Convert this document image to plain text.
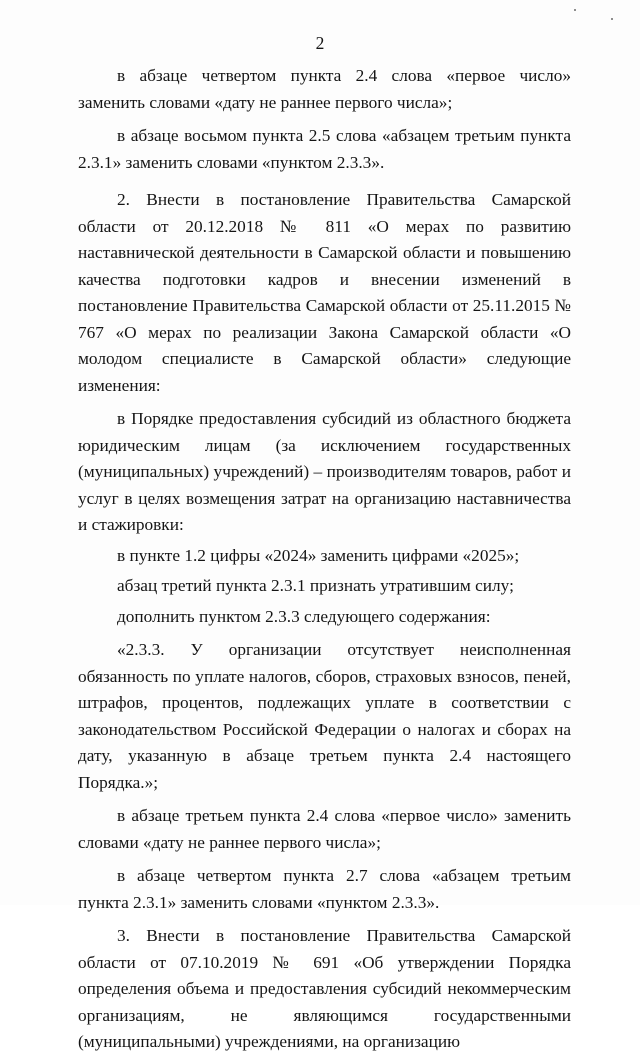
2

в абзаце четвертом пункта 2.4 слова «первое число» заменить словами «дату не раннее первого числа»;

в абзаце восьмом пункта 2.5 слова «абзацем третьим пункта 2.3.1» заменить словами «пунктом 2.3.3».

2. Внести в постановление Правительства Самарской области от 20.12.2018 № 811 «О мерах по развитию наставнической деятельности в Самарской области и повышению качества подготовки кадров и внесении изменений в постановление Правительства Самарской области от 25.11.2015 № 767 «О мерах по реализации Закона Самарской области «О молодом специалисте в Самарской области» следующие изменения:

в Порядке предоставления субсидий из областного бюджета юридическим лицам (за исключением государственных (муниципальных) учреждений) – производителям товаров, работ и услуг в целях возмещения затрат на организацию наставничества и стажировки:

в пункте 1.2 цифры «2024» заменить цифрами «2025»;

абзац третий пункта 2.3.1 признать утратившим силу;

дополнить пунктом 2.3.3 следующего содержания:

«2.3.3. У организации отсутствует неисполненная обязанность по уплате налогов, сборов, страховых взносов, пеней, штрафов, процентов, подлежащих уплате в соответствии с законодательством Российской Федерации о налогах и сборах на дату, указанную в абзаце третьем пункта 2.4 настоящего Порядка.»;

в абзаце третьем пункта 2.4 слова «первое число» заменить словами «дату не раннее первого числа»;

в абзаце четвертом пункта 2.7 слова «абзацем третьим пункта 2.3.1» заменить словами «пунктом 2.3.3».

3. Внести в постановление Правительства Самарской области от 07.10.2019 № 691 «Об утверждении Порядка определения объема и предоставления субсидий некоммерческим организациям, не являющимся государственными (муниципальными) учреждениями, на организацию
